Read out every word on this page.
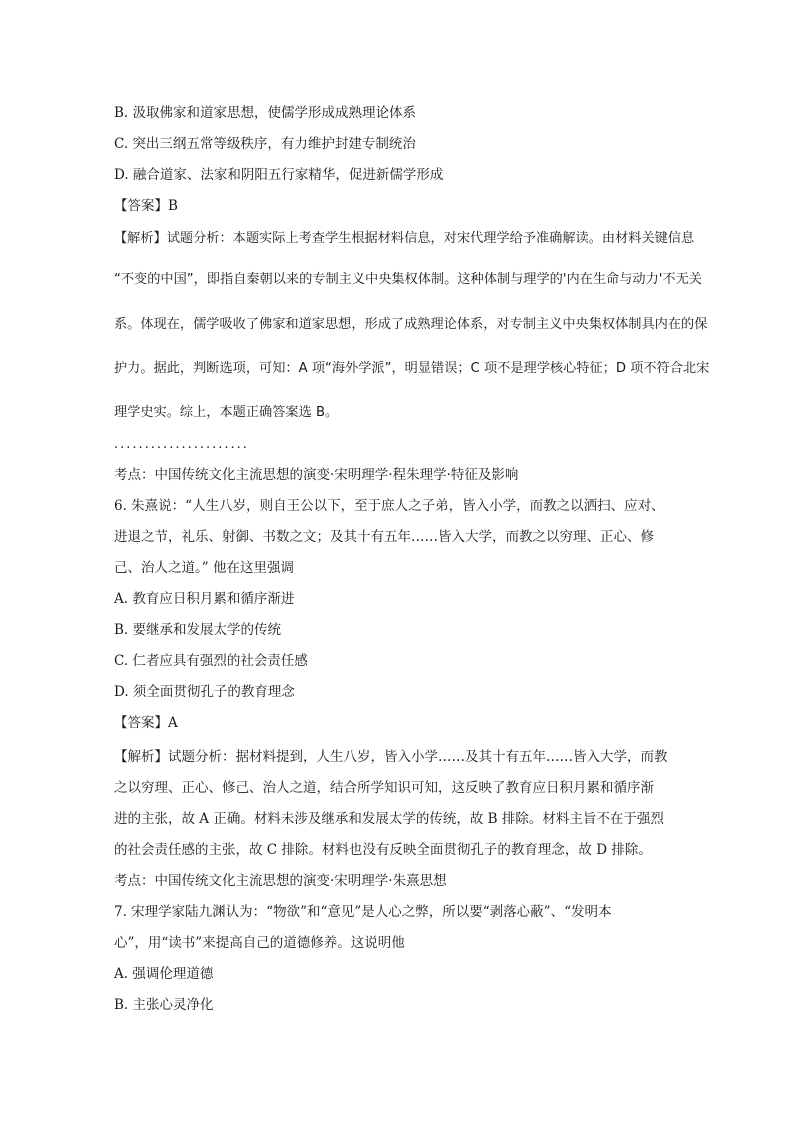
B. 汲取佛家和道家思想，使儒学形成成熟理论体系
C. 突出三纲五常等级秩序，有力维护封建专制统治
D. 融合道家、法家和阴阳五行家精华，促进新儒学形成
【答案】B
【解析】试题分析：本题实际上考查学生根据材料信息，对宋代理学给予准确解读。由材料关键信息
“不变的中国”，即指自秦朝以来的专制主义中央集权体制。这种体制与理学的'内在生命与动力'不无关
系。体现在，儒学吸收了佛家和道家思想，形成了成熟理论体系，对专制主义中央集权体制具内在的保
护力。据此，判断选项，可知：A 项“海外学派”，明显错误；C 项不是理学核心特征；D 项不符合北宋
理学史实。综上，本题正确答案选 B。
......................
考点：中国传统文化主流思想的演变·宋明理学·程朱理学·特征及影响
6. 朱熹说：“人生八岁，则自王公以下，至于庶人之子弟，皆入小学，而教之以洒扫、应对、
进退之节，礼乐、射御、书数之文；及其十有五年……皆入大学，而教之以穷理、正心、修
己、治人之道。” 他在这里强调
A. 教育应日积月累和循序渐进
B. 要继承和发展太学的传统
C. 仁者应具有强烈的社会责任感
D. 须全面贯彻孔子的教育理念
【答案】A
【解析】试题分析：据材料提到，人生八岁，皆入小学……及其十有五年……皆入大学，而教
之以穷理、正心、修己、治人之道，结合所学知识可知，这反映了教育应日积月累和循序渐
进的主张，故 A 正确。材料未涉及继承和发展太学的传统，故 B 排除。材料主旨不在于强烈
的社会责任感的主张，故 C 排除。材料也没有反映全面贯彻孔子的教育理念，故 D 排除。
考点：中国传统文化主流思想的演变·宋明理学·朱熹思想
7. 宋理学家陆九渊认为：“物欲”和“意见”是人心之弊，所以要“剥落心蔽”、“发明本
心”，用“读书”来提高自己的道德修养。这说明他
A. 强调伦理道德
B. 主张心灵净化
